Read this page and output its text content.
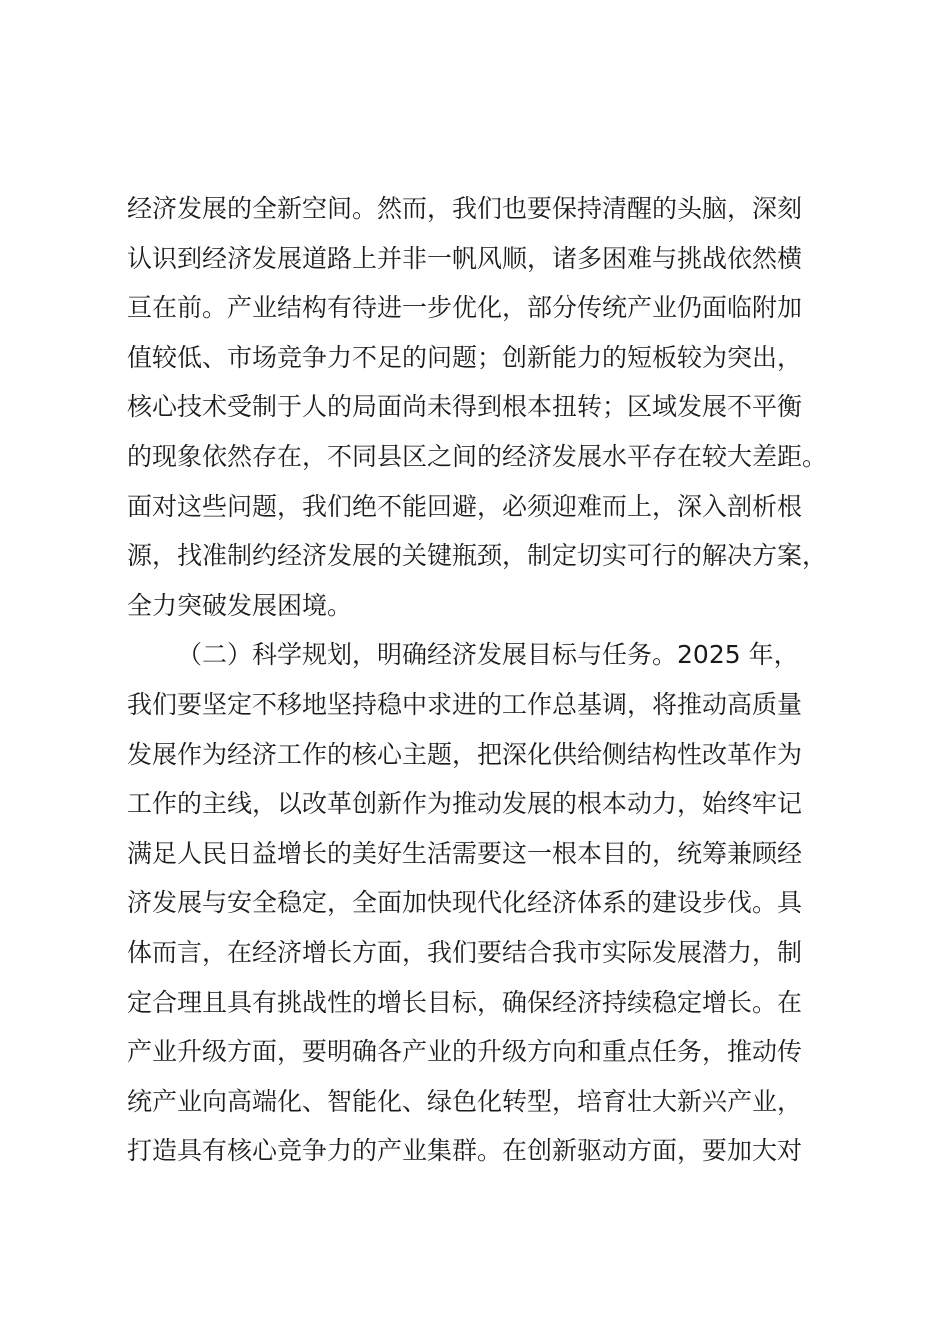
经济发展的全新空间。然而，我们也要保持清醒的头脑，深刻
认识到经济发展道路上并非一帆风顺，诸多困难与挑战依然横
亘在前。产业结构有待进一步优化，部分传统产业仍面临附加
值较低、市场竞争力不足的问题；创新能力的短板较为突出，
核心技术受制于人的局面尚未得到根本扭转；区域发展不平衡
的现象依然存在，不同县区之间的经济发展水平存在较大差距。
面对这些问题，我们绝不能回避，必须迎难而上，深入剖析根
源，找准制约经济发展的关键瓶颈，制定切实可行的解决方案，
全力突破发展困境。
（二）科学规划，明确经济发展目标与任务。2025 年，
我们要坚定不移地坚持稳中求进的工作总基调，将推动高质量
发展作为经济工作的核心主题，把深化供给侧结构性改革作为
工作的主线，以改革创新作为推动发展的根本动力，始终牢记
满足人民日益增长的美好生活需要这一根本目的，统筹兼顾经
济发展与安全稳定，全面加快现代化经济体系的建设步伐。具
体而言，在经济增长方面，我们要结合我市实际发展潜力，制
定合理且具有挑战性的增长目标，确保经济持续稳定增长。在
产业升级方面，要明确各产业的升级方向和重点任务，推动传
统产业向高端化、智能化、绿色化转型，培育壮大新兴产业，
打造具有核心竞争力的产业集群。在创新驱动方面，要加大对
